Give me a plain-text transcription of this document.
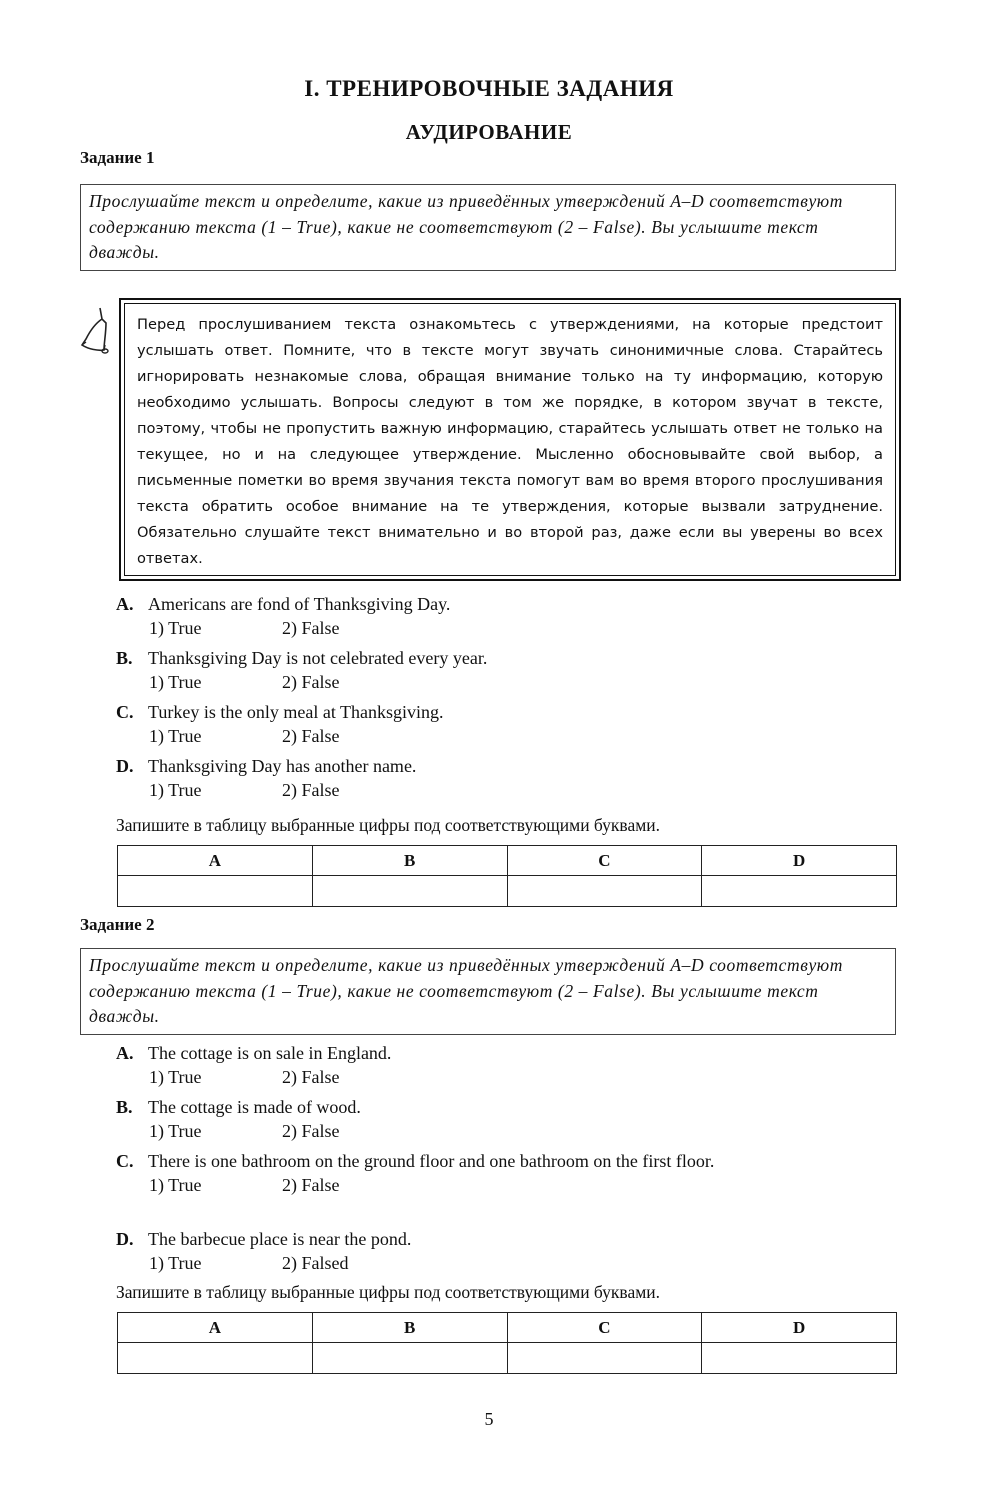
I. ТРЕНИРОВОЧНЫЕ ЗАДАНИЯ
АУДИРОВАНИЕ
Задание 1
Прослушайте текст и определите, какие из приведённых утверждений A–D соответствуют содержанию текста (1 – True), какие не соответствуют (2 – False). Вы услышите текст дважды.
Перед прослушиванием текста ознакомьтесь с утверждениями, на которые предстоит услышать ответ. Помните, что в тексте могут звучать синонимичные слова. Старайтесь игнорировать незнакомые слова, обращая внимание только на ту информацию, которую необходимо услышать. Вопросы следуют в том же порядке, в котором звучат в тексте, поэтому, чтобы не пропустить важную информацию, старайтесь услышать ответ не только на текущее, но и на следующее утверждение. Мысленно обосновывайте свой выбор, а письменные пометки во время звучания текста помогут вам во время второго прослушивания текста обратить особое внимание на те утверждения, которые вызвали затруднение. Обязательно слушайте текст внимательно и во второй раз, даже если вы уверены во всех ответах.
A. Americans are fond of Thanksgiving Day.
1) True	2) False
B. Thanksgiving Day is not celebrated every year.
1) True	2) False
C. Turkey is the only meal at Thanksgiving.
1) True	2) False
D. Thanksgiving Day has another name.
1) True	2) False
Запишите в таблицу выбранные цифры под соответствующими буквами.
A	B	C	D

Задание 2
Прослушайте текст и определите, какие из приведённых утверждений A–D соответствуют содержанию текста (1 – True), какие не соответствуют (2 – False). Вы услышите текст дважды.
A. The cottage is on sale in England.
1) True	2) False
B. The cottage is made of wood.
1) True	2) False
C. There is one bathroom on the ground floor and one bathroom on the first floor.
1) True	2) False
D. The barbecue place is near the pond.
1) True	2) Falsed
Запишите в таблицу выбранные цифры под соответствующими буквами.
A	B	C	D

5
